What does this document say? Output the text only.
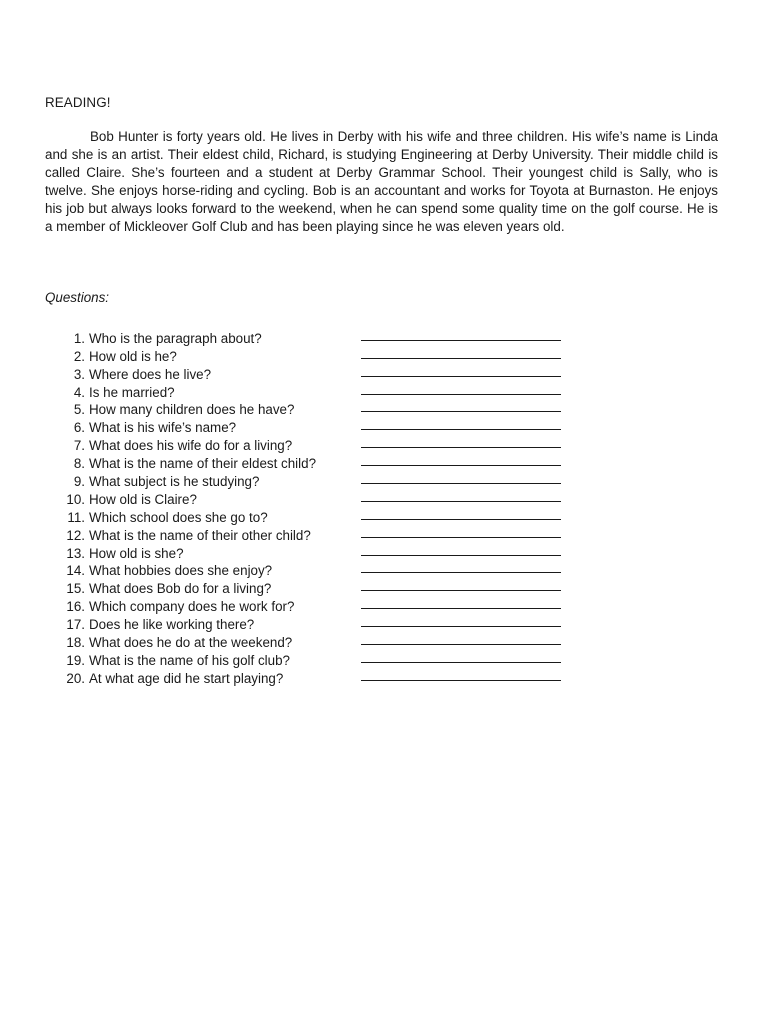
READING!

Bob Hunter is forty years old. He lives in Derby with his wife and three children. His wife’s name is Linda and she is an artist. Their eldest child, Richard, is studying Engineering at Derby University. Their middle child is called Claire. She’s fourteen and a student at Derby Grammar School. Their youngest child is Sally, who is twelve. She enjoys horse-riding and cycling. Bob is an accountant and works for Toyota at Burnaston. He enjoys his job but always looks forward to the weekend, when he can spend some quality time on the golf course. He is a member of Mickleover Golf Club and has been playing since he was eleven years old.

Questions:
1. Who is the paragraph about?
2. How old is he?
3. Where does he live?
4. Is he married?
5. How many children does he have?
6. What is his wife’s name?
7. What does his wife do for a living?
8. What is the name of their eldest child?
9. What subject is he studying?
10. How old is Claire?
11. Which school does she go to?
12. What is the name of their other child?
13. How old is she?
14. What hobbies does she enjoy?
15. What does Bob do for a living?
16. Which company does he work for?
17. Does he like working there?
18. What does he do at the weekend?
19. What is the name of his golf club?
20. At what age did he start playing?
